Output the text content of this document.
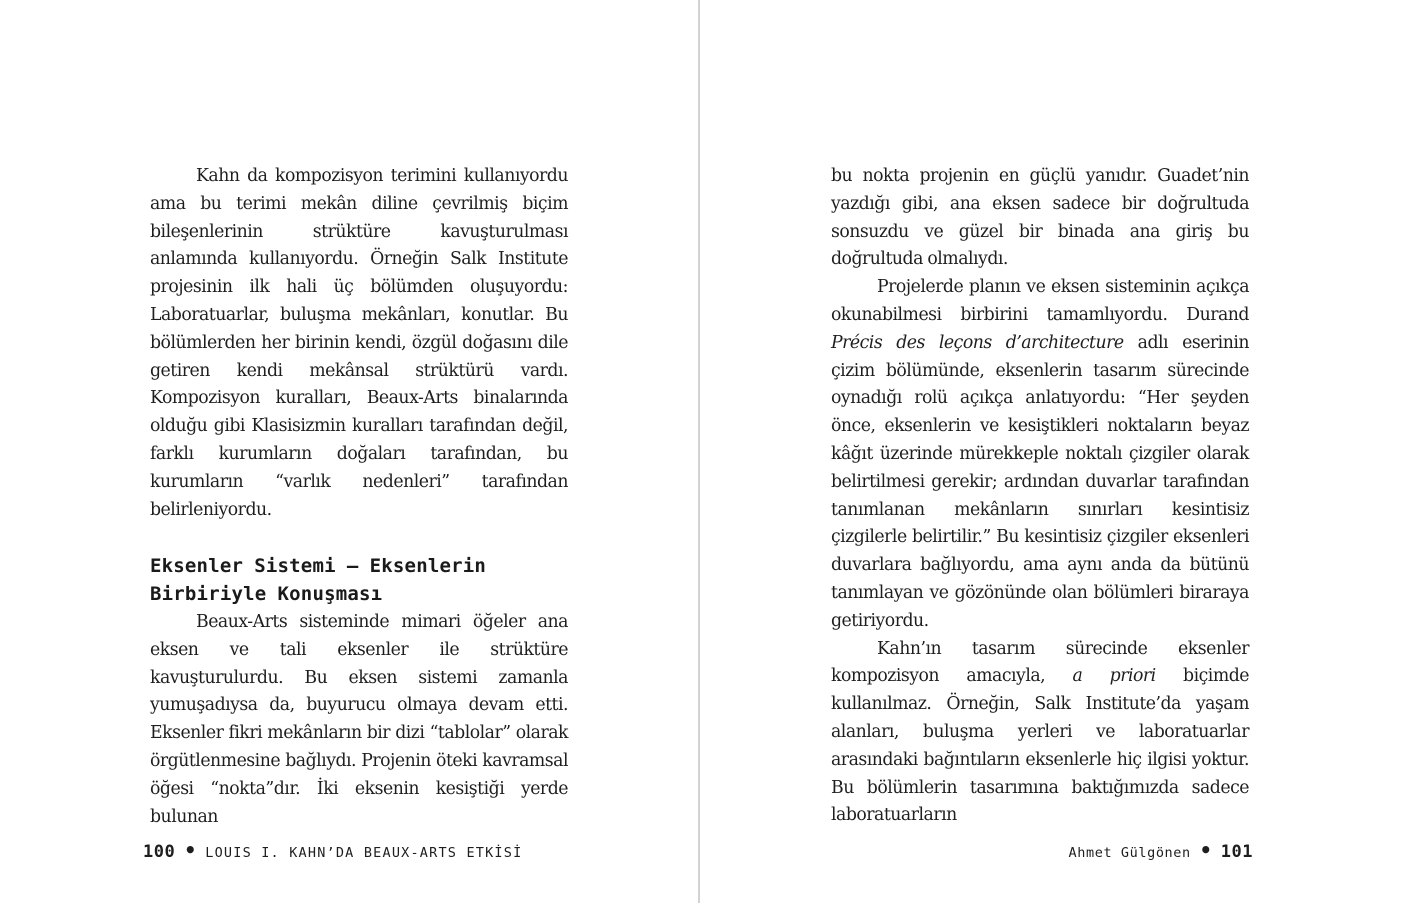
Kahn da kompozisyon terimini kullanıyordu ama bu terimi mekân diline çevrilmiş biçim bileşenlerinin strüktüre kavuşturulması anlamında kullanıyordu. Örneğin Salk Institute projesinin ilk hali üç bölümden oluşuyordu: Laboratuarlar, buluşma mekânları, konutlar. Bu bölümlerden her birinin kendi, özgül doğasını dile getiren kendi mekânsal strüktürü vardı. Kompozisyon kuralları, Beaux-Arts binalarında olduğu gibi Klasisizmin kuralları tarafından değil, farklı kurumların doğaları tarafından, bu kurumların “varlık nedenleri” tarafından belirleniyordu.

Eksenler Sistemi – Eksenlerin
Birbiriyle Konuşması

Beaux-Arts sisteminde mimari öğeler ana eksen ve tali eksenler ile strüktüre kavuşturulurdu. Bu eksen sistemi zamanla yumuşadıysa da, buyurucu olmaya devam etti. Eksenler fikri mekânların bir dizi “tablolar” olarak örgütlenmesine bağlıydı. Projenin öteki kavramsal öğesi “nokta”dır. İki eksenin kesiştiği yerde bulunan

100 • LOUIS I. KAHN’DA BEAUX-ARTS ETKİSİ

bu nokta projenin en güçlü yanıdır. Guadet’nin yazdığı gibi, ana eksen sadece bir doğrultuda sonsuzdu ve güzel bir binada ana giriş bu doğrultuda olmalıydı.

Projelerde planın ve eksen sisteminin açıkça okunabilmesi birbirini tamamlıyordu. Durand Précis des leçons d’architecture adlı eserinin çizim bölümünde, eksenlerin tasarım sürecinde oynadığı rolü açıkça anlatıyordu: “Her şeyden önce, eksenlerin ve kesiştikleri noktaların beyaz kâğıt üzerinde mürekkeple noktalı çizgiler olarak belirtilmesi gerekir; ardından duvarlar tarafından tanımlanan mekânların sınırları kesintisiz çizgilerle belirtilir.” Bu kesintisiz çizgiler eksenleri duvarlara bağlıyordu, ama aynı anda da bütünü tanımlayan ve gözönünde olan bölümleri biraraya getiriyordu.

Kahn’ın tasarım sürecinde eksenler kompozisyon amacıyla, a priori biçimde kullanılmaz. Örneğin, Salk Institute’da yaşam alanları, buluşma yerleri ve laboratuarlar arasındaki bağıntıların eksenlerle hiç ilgisi yoktur. Bu bölümlerin tasarımına baktığımızda sadece laboratuarların

Ahmet Gülgönen • 101
